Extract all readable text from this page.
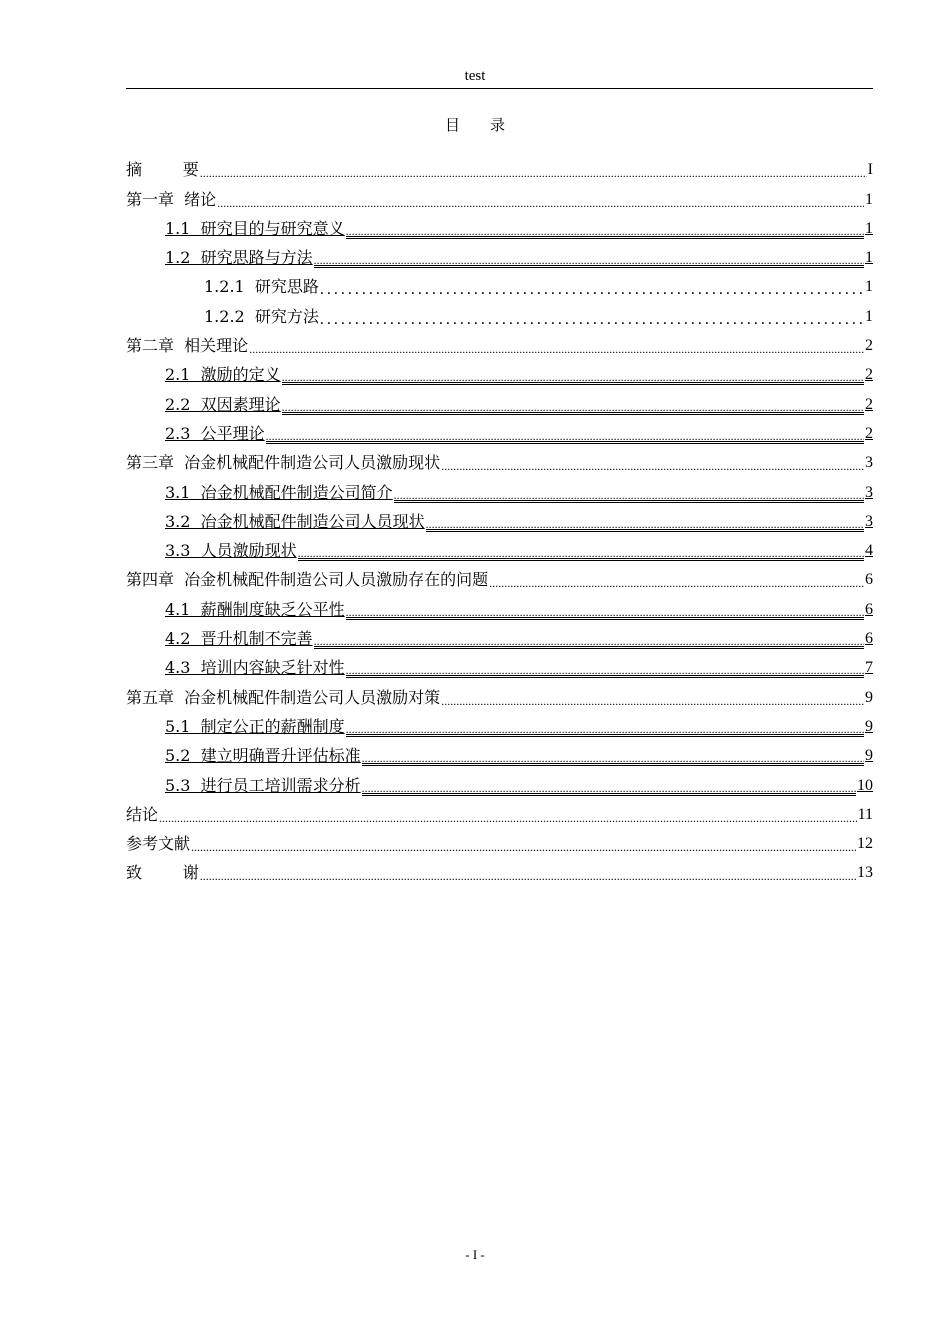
test
目 录
摘        要 .....	I
第一章  绪论 .....	1
1.1  研究目的与研究意义 .....	1
1.2  研究思路与方法 .....	1
1.2.1  研究思路 .....	1
1.2.2  研究方法 .....	1
第二章  相关理论 .....	2
2.1  激励的定义 .....	2
2.2  双因素理论 .....	2
2.3  公平理论 .....	2
第三章  冶金机械配件制造公司人员激励现状 .....	3
3.1  冶金机械配件制造公司简介 .....	3
3.2  冶金机械配件制造公司人员现状 .....	3
3.3  人员激励现状 .....	4
第四章  冶金机械配件制造公司人员激励存在的问题 .....	6
4.1  薪酬制度缺乏公平性 .....	6
4.2  晋升机制不完善 .....	6
4.3  培训内容缺乏针对性 .....	7
第五章  冶金机械配件制造公司人员激励对策 .....	9
5.1  制定公正的薪酬制度 .....	9
5.2  建立明确晋升评估标准 .....	9
5.3  进行员工培训需求分析 .....	10
结论 .....	11
参考文献 .....	12
致        谢 .....	13
- I -
